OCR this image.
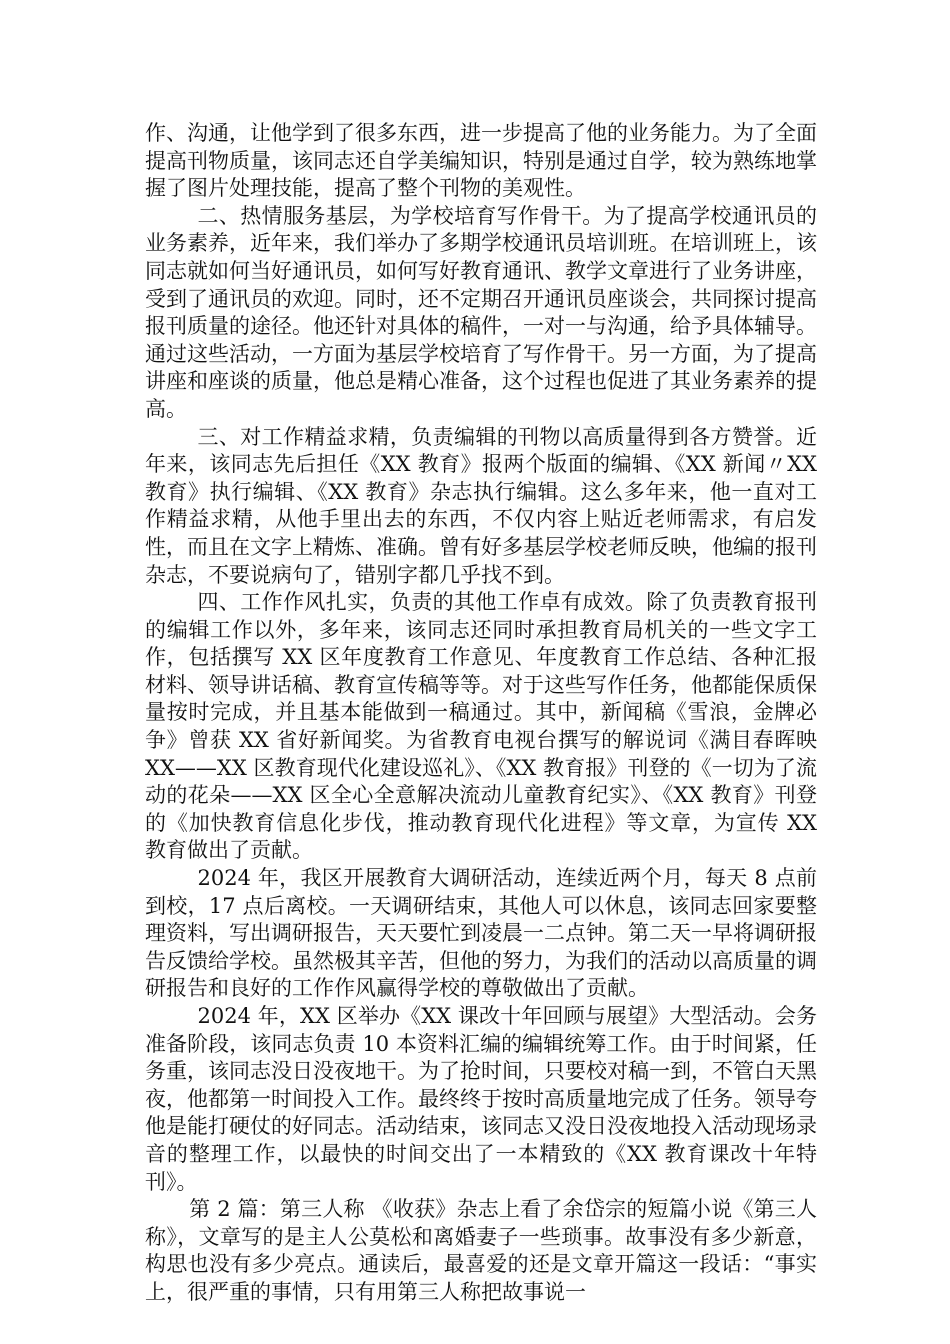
作、沟通，让他学到了很多东西，进一步提高了他的业务能力。为了全面提高刊物质量，该同志还自学美编知识，特别是通过自学，较为熟练地掌握了图片处理技能，提高了整个刊物的美观性。

二、热情服务基层，为学校培育写作骨干。为了提高学校通讯员的业务素养，近年来，我们举办了多期学校通讯员培训班。在培训班上，该同志就如何当好通讯员，如何写好教育通讯、教学文章进行了业务讲座，受到了通讯员的欢迎。同时，还不定期召开通讯员座谈会，共同探讨提高报刊质量的途径。他还针对具体的稿件，一对一与沟通，给予具体辅导。通过这些活动，一方面为基层学校培育了写作骨干。另一方面，为了提高讲座和座谈的质量，他总是精心准备，这个过程也促进了其业务素养的提高。

三、对工作精益求精，负责编辑的刊物以高质量得到各方赞誉。近年来，该同志先后担任《XX 教育》报两个版面的编辑、《XX 新闻〃XX 教育》执行编辑、《XX 教育》杂志执行编辑。这么多年来，他一直对工作精益求精，从他手里出去的东西，不仅内容上贴近老师需求，有启发性，而且在文字上精炼、准确。曾有好多基层学校老师反映，他编的报刊杂志，不要说病句了，错别字都几乎找不到。

四、工作作风扎实，负责的其他工作卓有成效。除了负责教育报刊的编辑工作以外，多年来，该同志还同时承担教育局机关的一些文字工作，包括撰写 XX 区年度教育工作意见、年度教育工作总结、各种汇报材料、领导讲话稿、教育宣传稿等等。对于这些写作任务，他都能保质保量按时完成，并且基本能做到一稿通过。其中，新闻稿《雪浪，金牌必争》曾获 XX 省好新闻奖。为省教育电视台撰写的解说词《满目春晖映 XX——XX 区教育现代化建设巡礼》、《XX 教育报》刊登的《一切为了流动的花朵——XX 区全心全意解决流动儿童教育纪实》、《XX 教育》刊登的《加快教育信息化步伐，推动教育现代化进程》等文章，为宣传 XX 教育做出了贡献。

2024 年，我区开展教育大调研活动，连续近两个月，每天 8 点前到校，17 点后离校。一天调研结束，其他人可以休息，该同志回家要整理资料，写出调研报告，天天要忙到凌晨一二点钟。第二天一早将调研报告反馈给学校。虽然极其辛苦，但他的努力，为我们的活动以高质量的调研报告和良好的工作作风赢得学校的尊敬做出了贡献。

2024 年，XX 区举办《XX 课改十年回顾与展望》大型活动。会务准备阶段，该同志负责 10 本资料汇编的编辑统筹工作。由于时间紧，任务重，该同志没日没夜地干。为了抢时间，只要校对稿一到，不管白天黑夜，他都第一时间投入工作。最终终于按时高质量地完成了任务。领导夸他是能打硬仗的好同志。活动结束，该同志又没日没夜地投入活动现场录音的整理工作，以最快的时间交出了一本精致的《XX 教育课改十年特刊》。

第 2 篇：第三人称 《收获》杂志上看了余岱宗的短篇小说《第三人称》，文章写的是主人公莫松和离婚妻子一些琐事。故事没有多少新意，构思也没有多少亮点。通读后，最喜爱的还是文章开篇这一段话：“事实上，很严重的事情，只有用第三人称把故事说一
